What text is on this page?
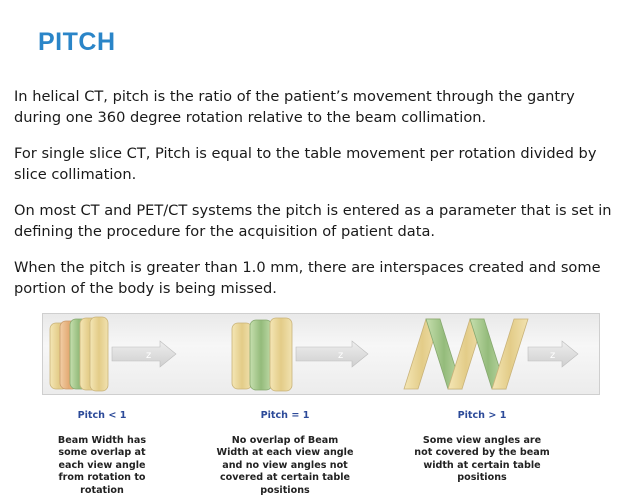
PITCH

In helical CT, pitch is the ratio of the patient’s movement through the gantry during one 360 degree rotation relative to the beam collimation.

For single slice CT, Pitch is equal to the table movement per rotation divided by slice collimation.

On most CT and PET/CT systems the pitch is entered as a parameter that is set in defining the procedure for the acquisition of patient data.

When the pitch is greater than 1.0 mm, there are interspaces created and some portion of the body is being missed.

z	z	z

Pitch < 1

Beam Width has
some overlap at
each view angle
from rotation to
rotation

Pitch = 1

No overlap of Beam
Width at each view angle
and no view angles not
covered at certain table
positions

Pitch > 1

Some view angles are
not covered by the beam
width at certain table
positions
